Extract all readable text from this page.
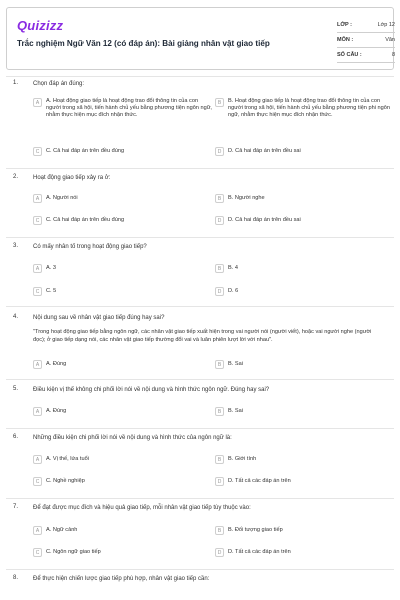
Quizizz
Trắc nghiệm Ngữ Văn 12 (có đáp án): Bài giảng nhân vật giao tiếp
LỚP :	Lớp 12
MÔN :	Văn
SỐ CÂU :	8
1. Chọn đáp án đúng:
A	A. Hoạt động giao tiếp là hoạt động trao đổi thông tin của con người trong xã hội, tiến hành chủ yếu bằng phương tiện ngôn ngữ, nhằm thực hiện mục đích nhận thức.
B	B. Hoạt động giao tiếp là hoạt động trao đổi thông tin của con người trong xã hội, tiến hành chủ yếu bằng phương tiện phi ngôn ngữ, nhằm thực hiện mục đích nhận thức.
C	C. Cả hai đáp án trên đều đúng	D	D. Cả hai đáp án trên đều sai
2. Hoạt động giao tiếp xảy ra ở:
A	A. Người nói	B	B. Người nghe
C	C. Cả hai đáp án trên đều đúng	D	D. Cả hai đáp án trên đều sai
3. Có mấy nhân tố trong hoạt động giao tiếp?
A	A. 3	B	B. 4
C	C. 5	D	D. 6
4. Nội dung sau về nhân vật giao tiếp đúng hay sai?
"Trong hoạt động giao tiếp bằng ngôn ngữ, các nhân vật giao tiếp xuất hiện trong vai người nói (người viết), hoặc vai người nghe (người đọc); ở giao tiếp dạng nói, các nhân vật giao tiếp thường đổi vai và luân phiên lượt lời với nhau".
A	A. Đúng	B	B. Sai
5. Điều kiện vị thế không chi phối lời nói về nội dung và hình thức ngôn ngữ. Đúng hay sai?
A	A. Đúng	B	B. Sai
6. Những điều kiện chi phối lời nói về nội dung và hình thức của ngôn ngữ là:
A	A. Vị thế, lứa tuổi	B	B. Giới tính
C	C. Nghề nghiệp	D	D. Tất cả các đáp án trên
7. Để đạt được mục đích và hiệu quả giao tiếp, mỗi nhân vật giao tiếp tùy thuộc vào:
A	A. Ngữ cảnh	B	B. Đối tượng giao tiếp
C	C. Ngôn ngữ giao tiếp	D	D. Tất cả các đáp án trên
8. Để thực hiện chiến lược giao tiếp phù hợp, nhân vật giao tiếp cần:
